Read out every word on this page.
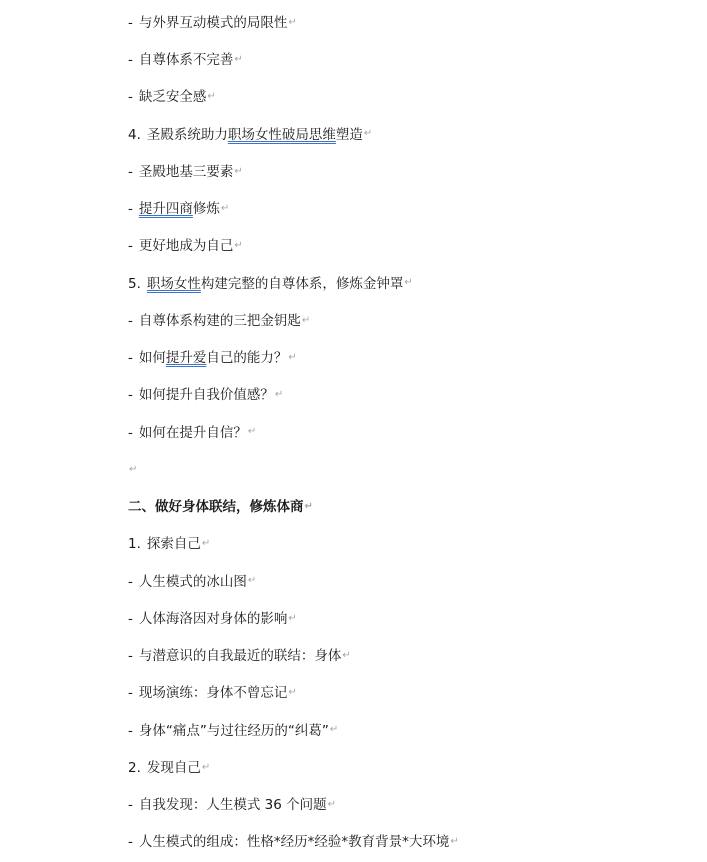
- 与外界互动模式的局限性 ↵
- 自尊体系不完善 ↵
- 缺乏安全感 ↵
4. 圣殿系统助力 职场女性破局思维 塑造 ↵
- 圣殿地基三要素 ↵
- 提升四商 修炼 ↵
- 更好地成为自己 ↵
5. 职场女性 构建完整的自尊体系，修炼金钟罩 ↵
- 自尊体系构建的三把金钥匙 ↵
- 如何 提升爱 自己的能力？ ↵
- 如何提升自我价值感？ ↵
- 如何在提升自信？ ↵
↵
二、做好身体联结，修炼体商 ↵
1. 探索自己 ↵
- 人生模式的冰山图 ↵
- 人体海洛因对身体的影响 ↵
- 与潜意识的自我最近的联结：身体 ↵
- 现场演练：身体不曾忘记 ↵
- 身体“痛点”与过往经历的“纠葛” ↵
2. 发现自己 ↵
- 自我发现：人生模式 36 个问题 ↵
- 人生模式的组成：性格*经历*经验*教育背景*大环境 ↵
